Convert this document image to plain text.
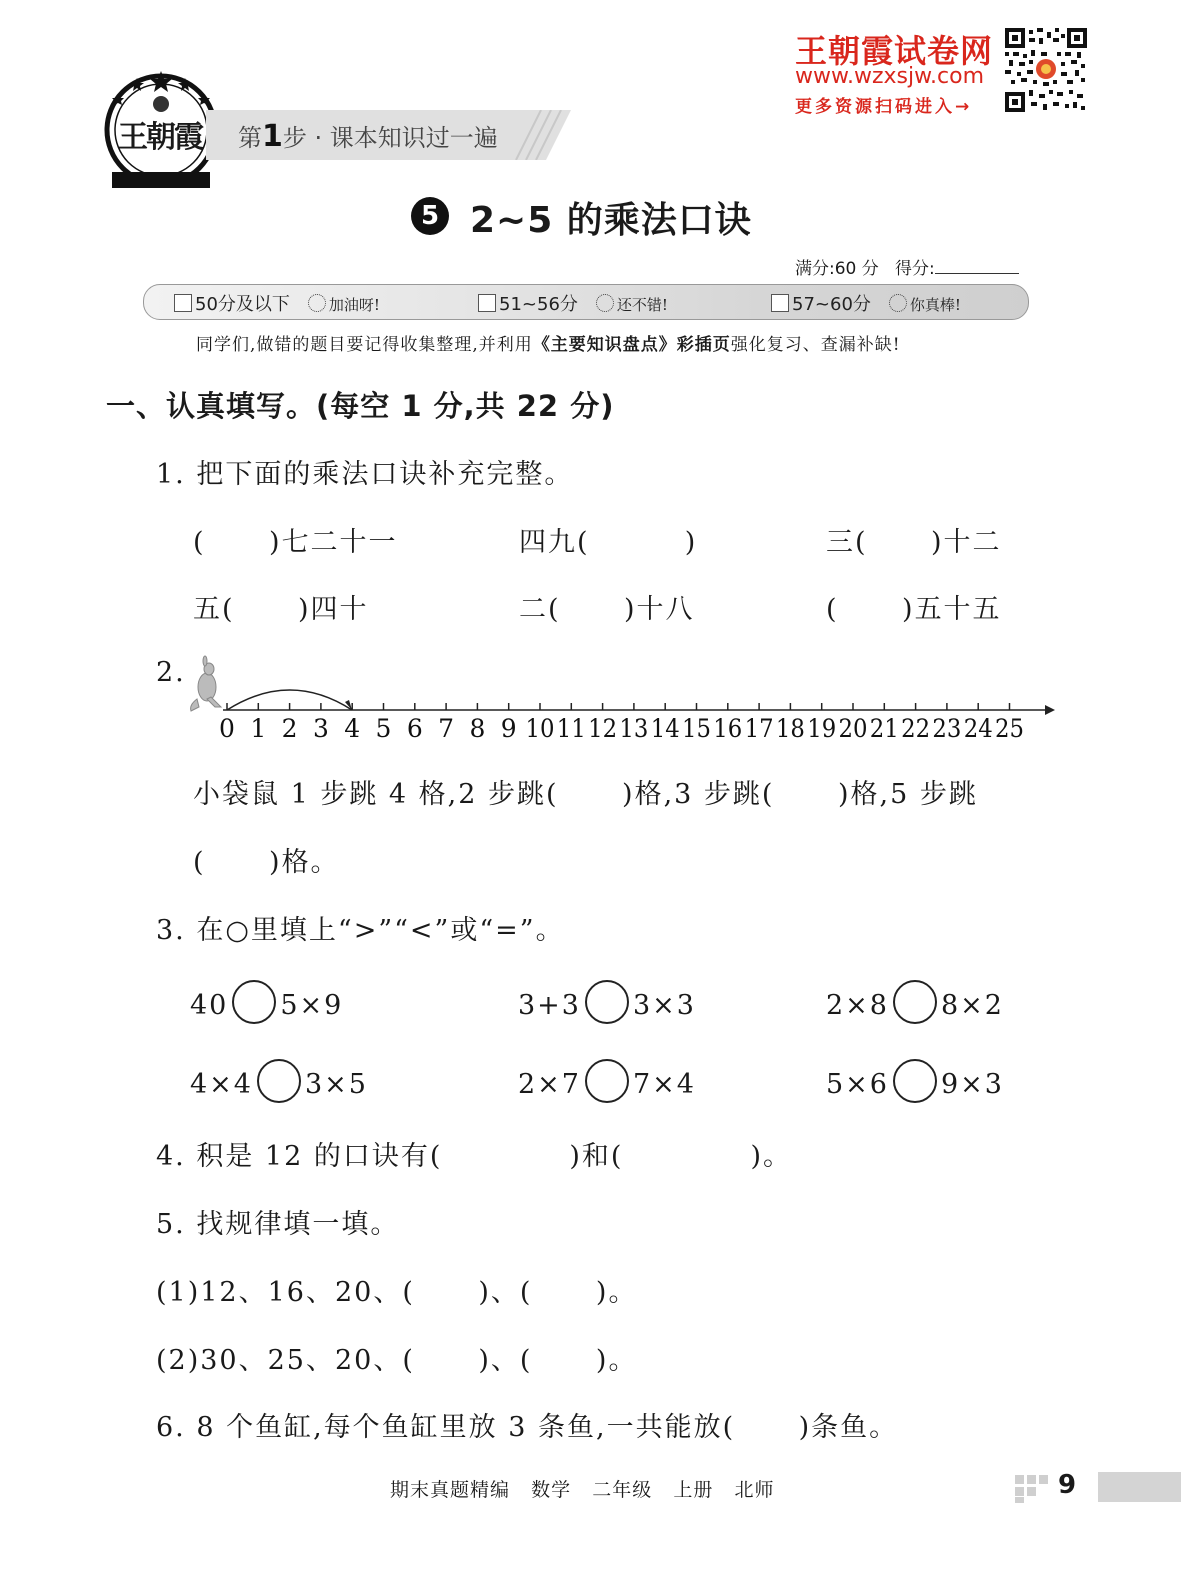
王朝霞试卷网
www.wzxsjw.com
更多资源扫码进入→
王朝霞 第1步 · 课本知识过一遍
5 2~5 的乘法口诀
满分:60 分 得分:
50分及以下	加油呀!	51~56分	还不错!	57~60分	你真棒!
同学们,做错的题目要记得收集整理,并利用《主要知识盘点》彩插页强化复习、查漏补缺!
一、认真填写。(每空 1 分,共 22 分)
1. 把下面的乘法口诀补充完整。
(      )七二十一	四九(         )	三(      )十二
五(      )四十	二(      )十八	(      )五十五
2.
0 1 2 3 4 5 6 7 8 9 10 11 12 13 14 15 16 17 18 19 20 21 22 23 24 25
小袋鼠 1 步跳 4 格,2 步跳(      )格,3 步跳(      )格,5 步跳
(      )格。
3. 在○里填上“>”“<”或“=”。
40 5×9	3+3 3×3	2×8 8×2
4×4 3×5	2×7 7×4	5×6 9×3
4. 积是 12 的口诀有(            )和(            )。
5. 找规律填一填。
(1)12、16、20、(      )、(      )。
(2)30、25、20、(      )、(      )。
6. 8 个鱼缸,每个鱼缸里放 3 条鱼,一共能放(      )条鱼。
期末真题精编   数学   二年级   上册   北师	9
